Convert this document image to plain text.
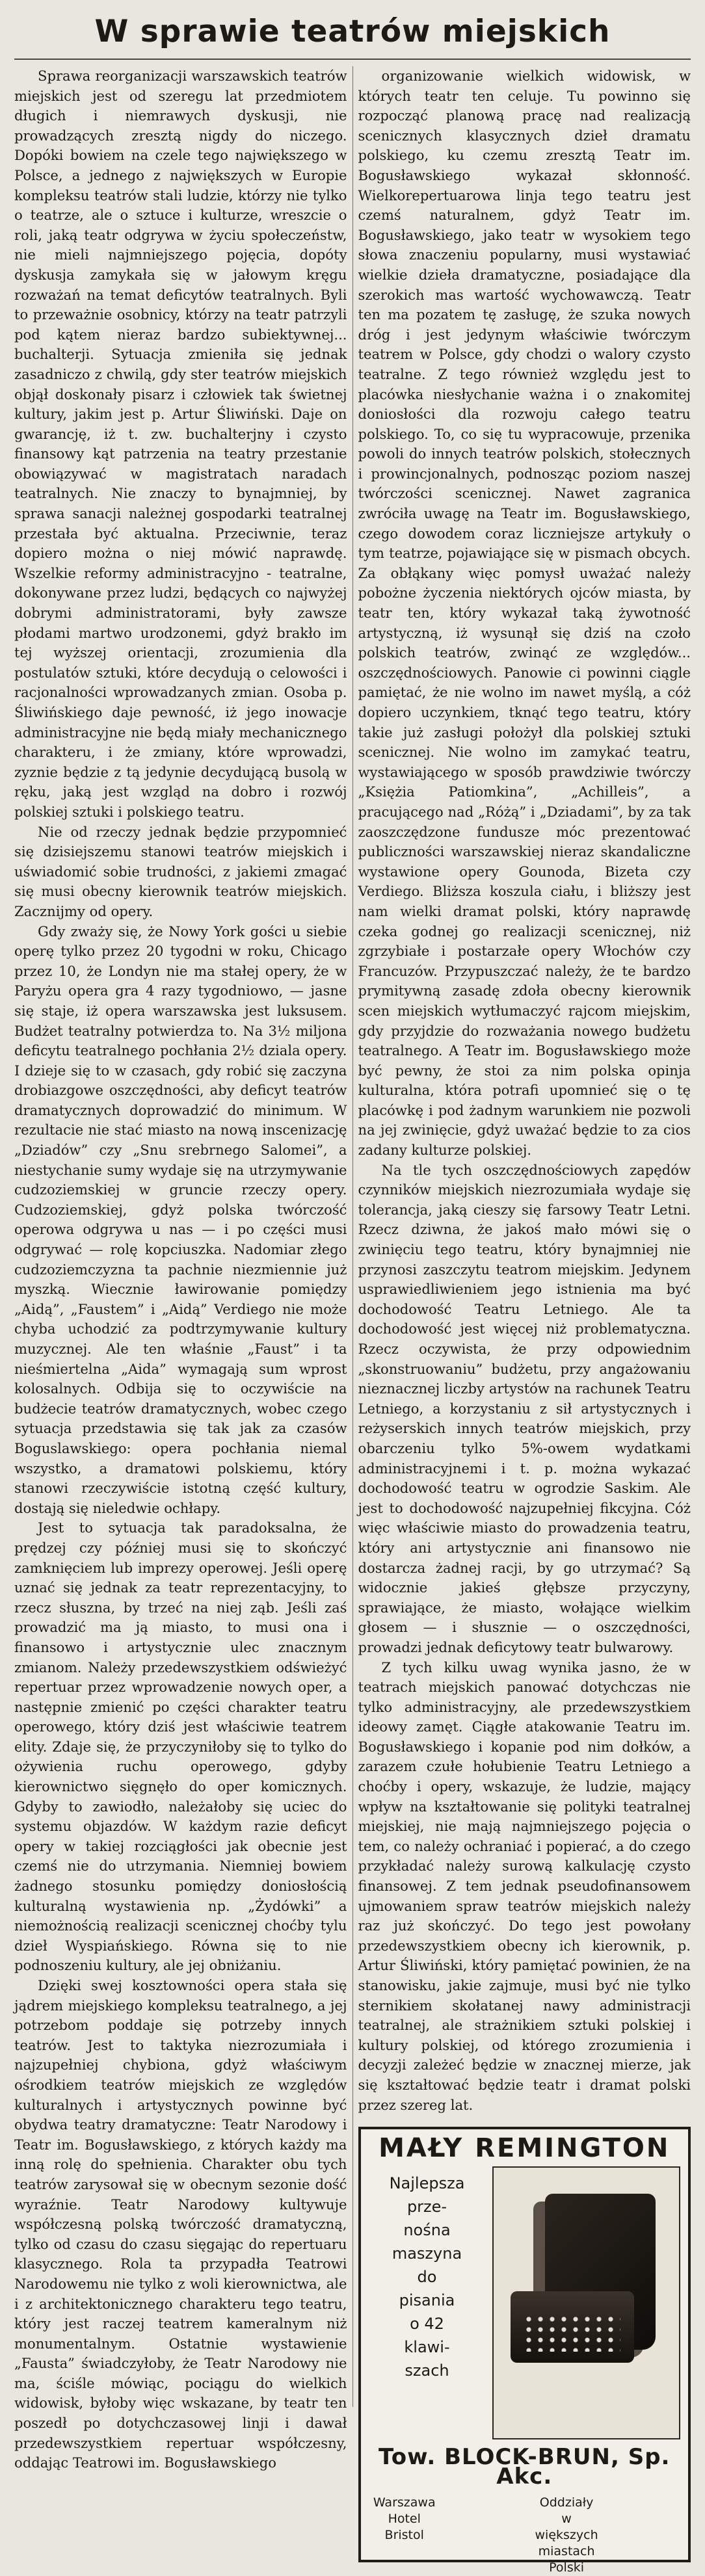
W sprawie teatrów miejskich

Sprawa reorganizacji warszawskich teatrów miejskich jest od szeregu lat przedmiotem długich i niemrawych dyskusji, nie prowadzących zresztą nigdy do niczego. Dopóki bowiem na czele tego największego w Polsce, a jednego z największych w Europie kompleksu teatrów stali ludzie, którzy nie tylko o teatrze, ale o sztuce i kulturze, wreszcie o roli, jaką teatr odgrywa w życiu społeczeństw, nie mieli najmniejszego pojęcia, dopóty dyskusja zamykała się w jałowym kręgu rozważań na temat deficytów teatralnych. Byli to przeważnie osobnicy, którzy na teatr patrzyli pod kątem nieraz bardzo subiektywnej... buchalterji. Sytuacja zmieniła się jednak zasadniczo z chwilą, gdy ster teatrów miejskich objął doskonały pisarz i człowiek tak świetnej kultury, jakim jest p. Artur Śliwiński. Daje on gwarancję, iż t. zw. buchalterjny i czysto finansowy kąt patrzenia na teatry przestanie obowiązywać w magistratach naradach teatralnych. Nie znaczy to bynajmniej, by sprawa sanacji należnej gospodarki teatralnej przestała być aktualna. Przeciwnie, teraz dopiero można o niej mówić naprawdę. Wszelkie reformy administracyjno - teatralne, dokonywane przez ludzi, będących co najwyżej dobrymi administratorami, były zawsze płodami martwo urodzonemi, gdyż brakło im tej wyższej orientacji, zrozumienia dla postulatów sztuki, które decydują o celowości i racjonalności wprowadzanych zmian. Osoba p. Śliwińskiego daje pewność, iż jego inowacje administracyjne nie będą miały mechanicznego charakteru, i że zmiany, które wprowadzi, zyznie będzie z tą jedynie decydującą busolą w ręku, jaką jest wzgląd na dobro i rozwój polskiej sztuki i polskiego teatru.

Nie od rzeczy jednak będzie przypomnieć się dzisiejszemu stanowi teatrów miejskich i uświadomić sobie trudności, z jakiemi zmagać się musi obecny kierownik teatrów miejskich. Zacznijmy od opery.

Gdy zważy się, że Nowy York gości u siebie operę tylko przez 20 tygodni w roku, Chicago przez 10, że Londyn nie ma stałej opery, że w Paryżu opera gra 4 razy tygodniowo, — jasne się staje, iż opera warszawska jest luksusem. Budżet teatralny potwierdza to. Na 3½ miljona deficytu teatralnego pochłania 2½ dziala opery. I dzieje się to w czasach, gdy robić się zaczyna drobiazgowe oszczędności, aby deficyt teatrów dramatycznych doprowadzić do minimum. W rezultacie nie stać miasto na nową inscenizację „Dziadów” czy „Snu srebrnego Salomei”, a niestychanie sumy wydaje się na utrzymywanie cudzoziemskiej w gruncie rzeczy opery. Cudzoziemskiej, gdyż polska twórczość operowa odgrywa u nas — i po części musi odgrywać — rolę kopciuszka. Nadomiar złego cudzoziemczyzna ta pachnie niezmiennie już myszką. Wiecznie ławirowanie pomiędzy „Aidą”, „Faustem” i „Aidą” Verdiego nie może chyba uchodzić za podtrzymywanie kultury muzycznej. Ale ten właśnie „Faust” i ta nieśmiertelna „Aida” wymagają sum wprost kolosalnych. Odbija się to oczywiście na budżecie teatrów dramatycznych, wobec czego sytuacja przedstawia się tak jak za czasów Boguslawskiego: opera pochłania niemal wszystko, a dramatowi polskiemu, który stanowi rzeczywiście istotną część kultury, dostają się nieledwie ochłapy.

Jest to sytuacja tak paradoksalna, że prędzej czy później musi się to skończyć zamknięciem lub imprezy operowej. Jeśli operę uznać się jednak za teatr reprezentacyjny, to rzecz słuszna, by trzeć na niej ząb. Jeśli zaś prowadzić ma ją miasto, to musi ona i finansowo i artystycznie ulec znacznym zmianom. Należy przedewszystkiem odświeżyć repertuar przez wprowadzenie nowych oper, a następnie zmienić po części charakter teatru operowego, który dziś jest właściwie teatrem elity. Zdaje się, że przyczyniłoby się to tylko do ożywienia ruchu operowego, gdyby kierownictwo sięgnęło do oper komicznych. Gdyby to zawiodło, należałoby się uciec do systemu objazdów. W każdym razie deficyt opery w takiej rozciągłości jak obecnie jest czemś nie do utrzymania. Niemniej bowiem żadnego stosunku pomiędzy doniosłością kulturalną wystawienia np. „Żydówki” a niemożnością realizacji scenicznej choćby tylu dzieł Wyspiańskiego. Równa się to nie podnoszeniu kultury, ale jej obniżaniu.

Dzięki swej kosztowności opera stała się jądrem miejskiego kompleksu teatralnego, a jej potrzebom poddaje się potrzeby innych teatrów. Jest to taktyka niezrozumiała i najzupełniej chybiona, gdyż właściwym ośrodkiem teatrów miejskich ze względów kulturalnych i artystycznych powinne być obydwa teatry dramatyczne: Teatr Narodowy i Teatr im. Bogusławskiego, z których każdy ma inną rolę do spełnienia. Charakter obu tych teatrów zarysował się w obecnym sezonie dość wyraźnie. Teatr Narodowy kultywuje współczesną polską twórczość dramatyczną, tylko od czasu do czasu sięgając do repertuaru klasycznego. Rola ta przypadła Teatrowi Narodowemu nie tylko z woli kierownictwa, ale i z architektonicznego charakteru tego teatru, który jest raczej teatrem kameralnym niż monumentalnym. Ostatnie wystawienie „Fausta” świadczyłoby, że Teatr Narodowy nie ma, ściśle mówiąc, pociągu do wielkich widowisk, byłoby więc wskazane, by teatr ten poszedł po dotychczasowej linji i dawał przedewszystkiem repertuar współczesny, oddając Teatrowi im. Bogusławskiego

organizowanie wielkich widowisk, w których teatr ten celuje. Tu powinno się rozpocząć planową pracę nad realizacją scenicznych klasycznych dzieł dramatu polskiego, ku czemu zresztą Teatr im. Bogusławskiego wykazał skłonność. Wielkorepertuarowa linja tego teatru jest czemś naturalnem, gdyż Teatr im. Bogusławskiego, jako teatr w wysokiem tego słowa znaczeniu popularny, musi wystawiać wielkie dzieła dramatyczne, posiadające dla szerokich mas wartość wychowawczą. Teatr ten ma pozatem tę zasługę, że szuka nowych dróg i jest jedynym właściwie twórczym teatrem w Polsce, gdy chodzi o walory czysto teatralne. Z tego również względu jest to placówka niesłychanie ważna i o znakomitej doniosłości dla rozwoju całego teatru polskiego. To, co się tu wypracowuje, przenika powoli do innych teatrów polskich, stołecznych i prowincjonalnych, podnosząc poziom naszej twórczości scenicznej. Nawet zagranica zwróciła uwagę na Teatr im. Bogusławskiego, czego dowodem coraz liczniejsze artykuły o tym teatrze, pojawiające się w pismach obcych. Za obłąkany więc pomysł uważać należy pobożne życzenia niektórych ojców miasta, by teatr ten, który wykazał taką żywotność artystyczną, iż wysunął się dziś na czoło polskich teatrów, zwinąć ze względów... oszczędnościowych. Panowie ci powinni ciągle pamiętać, że nie wolno im nawet myślą, a cóż dopiero uczynkiem, tknąć tego teatru, który takie już zasługi położył dla polskiej sztuki scenicznej. Nie wolno im zamykać teatru, wystawiającego w sposób prawdziwie twórczy „Księżia Patiomkina”, „Achilleis”, a pracującego nad „Różą” i „Dziadami”, by za tak zaoszczędzone fundusze móc prezentować publiczności warszawskiej nieraz skandaliczne wystawione opery Gounoda, Bizeta czy Verdiego. Bliższa koszula ciału, i bliższy jest nam wielki dramat polski, który naprawdę czeka godnej go realizacji scenicznej, niż zgrzybiałe i postarzałe opery Włochów czy Francuzów. Przypuszczać należy, że te bardzo prymitywną zasadę zdoła obecny kierownik scen miejskich wytłumaczyć rajcom miejskim, gdy przyjdzie do rozważania nowego budżetu teatralnego. A Teatr im. Bogusławskiego może być pewny, że stoi za nim polska opinja kulturalna, która potrafi upomnieć się o tę placówkę i pod żadnym warunkiem nie pozwoli na jej zwinięcie, gdyż uważać będzie to za cios zadany kulturze polskiej.

Na tle tych oszczędnościowych zapędów czynników miejskich niezrozumiała wydaje się tolerancja, jaką cieszy się farsowy Teatr Letni. Rzecz dziwna, że jakoś mało mówi się o zwinięciu tego teatru, który bynajmniej nie przynosi zaszczytu teatrom miejskim. Jedynem usprawiedliwieniem jego istnienia ma być dochodowość Teatru Letniego. Ale ta dochodowość jest więcej niż problematyczna. Rzecz oczywista, że przy odpowiednim „skonstruowaniu” budżetu, przy angażowaniu nieznacznej liczby artystów na rachunek Teatru Letniego, a korzystaniu z sił artystycznych i reżyserskich innych teatrów miejskich, przy obarczeniu tylko 5%-owem wydatkami administracyjnemi i t. p. można wykazać dochodowość teatru w ogrodzie Saskim. Ale jest to dochodowość najzupełniej fikcyjna. Cóż więc właściwie miasto do prowadzenia teatru, który ani artystycznie ani finansowo nie dostarcza żadnej racji, by go utrzymać? Są widocznie jakieś głębsze przyczyny, sprawiające, że miasto, wołające wielkim głosem — i słusznie — o oszczędności, prowadzi jednak deficytowy teatr bulwarowy.

Z tych kilku uwag wynika jasno, że w teatrach miejskich panować dotychczas nie tylko administracyjny, ale przedewszystkiem ideowy zamęt. Ciągłe atakowanie Teatru im. Bogusławskiego i kopanie pod nim dołków, a zarazem czułe hołubienie Teatru Letniego a choćby i opery, wskazuje, że ludzie, mający wpływ na kształtowanie się polityki teatralnej miejskiej, nie mają najmniejszego pojęcia o tem, co należy ochraniać i popierać, a do czego przykładać należy surową kalkulację czysto finansowej. Z tem jednak pseudofinansowem ujmowaniem spraw teatrów miejskich należy raz już skończyć. Do tego jest powołany przedewszystkiem obecny ich kierownik, p. Artur Śliwiński, który pamiętać powinien, że na stanowisku, jakie zajmuje, musi być nie tylko sternikiem skołatanej nawy administracji teatralnej, ale strażnikiem sztuki polskiej i kultury polskiej, od którego zrozumienia i decyzji zależeć będzie w znacznej mierze, jak się kształtować będzie teatr i dramat polski przez szereg lat.

MAŁY REMINGTON
Najlepsza
prze-
nośna
maszyna
do
pisania
o 42
klawi-
szach
Tow. BLOCK-BRUN, Sp. Akc.
Warszawa
Hotel Bristol
Oddziały
w większych miastach Polski
